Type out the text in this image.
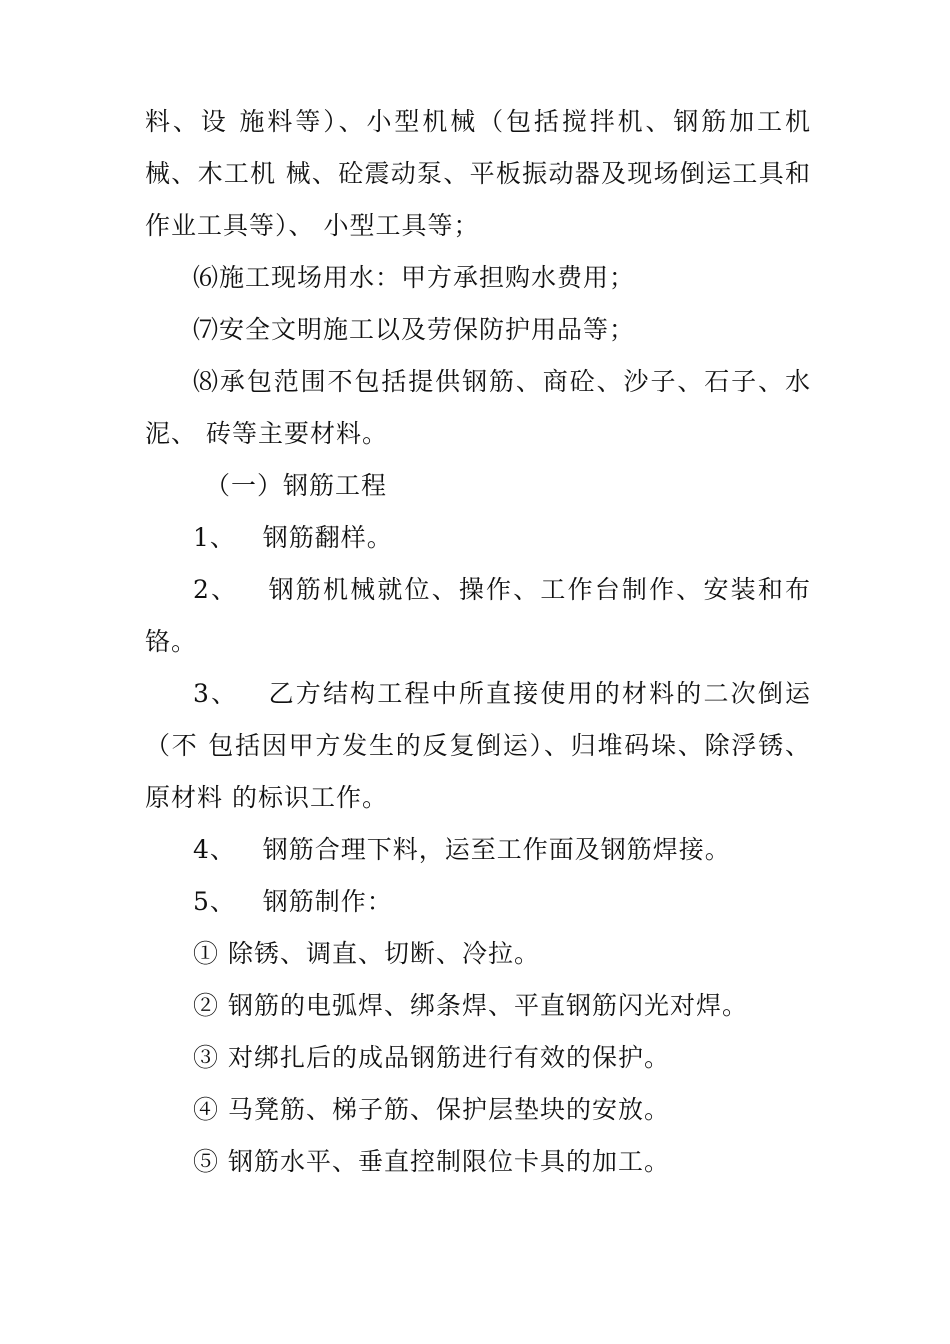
料、设 施料等）、小型机械（包括搅拌机、钢筋加工机
械、木工机 械、砼震动泵、平板振动器及现场倒运工具和
作业工具等）、 小型工具等；
⑹施工现场用水：甲方承担购水费用；
⑺安全文明施工以及劳保防护用品等；
⑻承包范围不包括提供钢筋、商砼、沙子、石子、水
泥、 砖等主要材料。
（一）钢筋工程
1、   钢筋翻样。
2、   钢筋机械就位、操作、工作台制作、安装和布
铬。
3、   乙方结构工程中所直接使用的材料的二次倒运
（不 包括因甲方发生的反复倒运）、归堆码垛、除浮锈、
原材料 的标识工作。
4、   钢筋合理下料，运至工作面及钢筋焊接。
5、   钢筋制作：
① 除锈、调直、切断、冷拉。
② 钢筋的电弧焊、绑条焊、平直钢筋闪光对焊。
③ 对绑扎后的成品钢筋进行有效的保护。
④ 马凳筋、梯子筋、保护层垫块的安放。
⑤ 钢筋水平、垂直控制限位卡具的加工。
